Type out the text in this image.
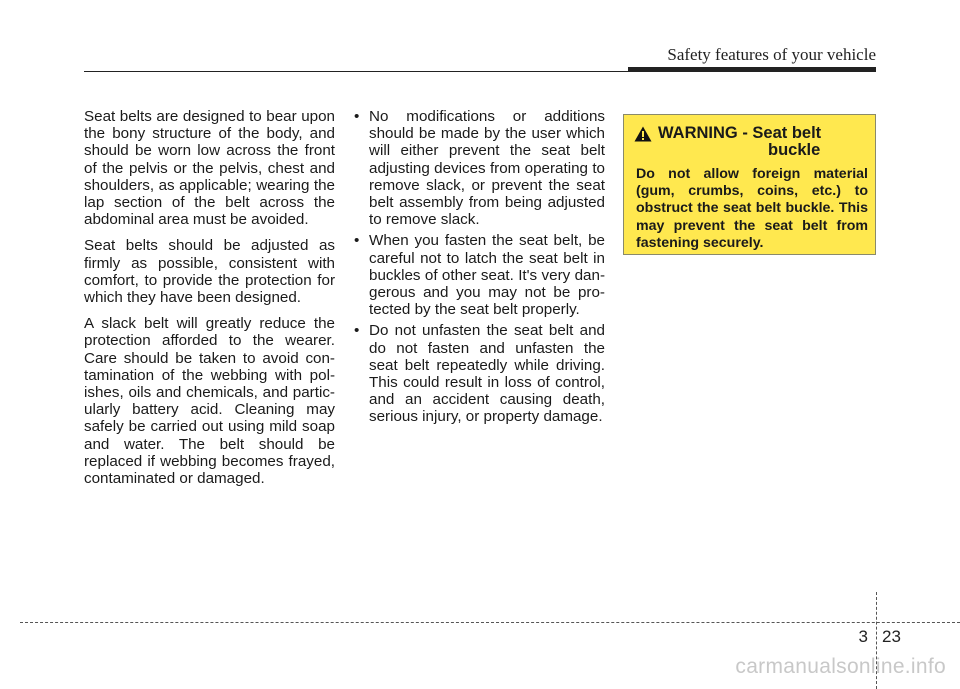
Safety features of your vehicle

Seat belts are designed to bear upon the bony structure of the body, and should be worn low across the front of the pelvis or the pelvis, chest and shoulders, as applicable; wearing the lap section of the belt across the abdominal area must be avoided.

Seat belts should be adjusted as firmly as possible, consistent with comfort, to provide the protection for which they have been designed.

A slack belt will greatly reduce the protection afforded to the wearer. Care should be taken to avoid con-tamination of the webbing with pol-ishes, oils and chemicals, and partic-ularly battery acid. Cleaning may safely be carried out using mild soap and water. The belt should be replaced if webbing becomes frayed, contaminated or damaged.

• No modifications or additions should be made by the user which will either prevent the seat belt adjusting devices from operating to remove slack, or prevent the seat belt assembly from being adjusted to remove slack.
• When you fasten the seat belt, be careful not to latch the seat belt in buckles of other seat. It's very dan-gerous and you may not be pro-tected by the seat belt properly.
• Do not unfasten the seat belt and do not fasten and unfasten the seat belt repeatedly while driving. This could result in loss of control, and an accident causing death, serious injury, or property damage.
WARNING - Seat belt
buckle
Do not allow foreign material (gum, crumbs, coins, etc.) to obstruct the seat belt buckle. This may prevent the seat belt from fastening securely.
3 23
carmanualsonline.info
